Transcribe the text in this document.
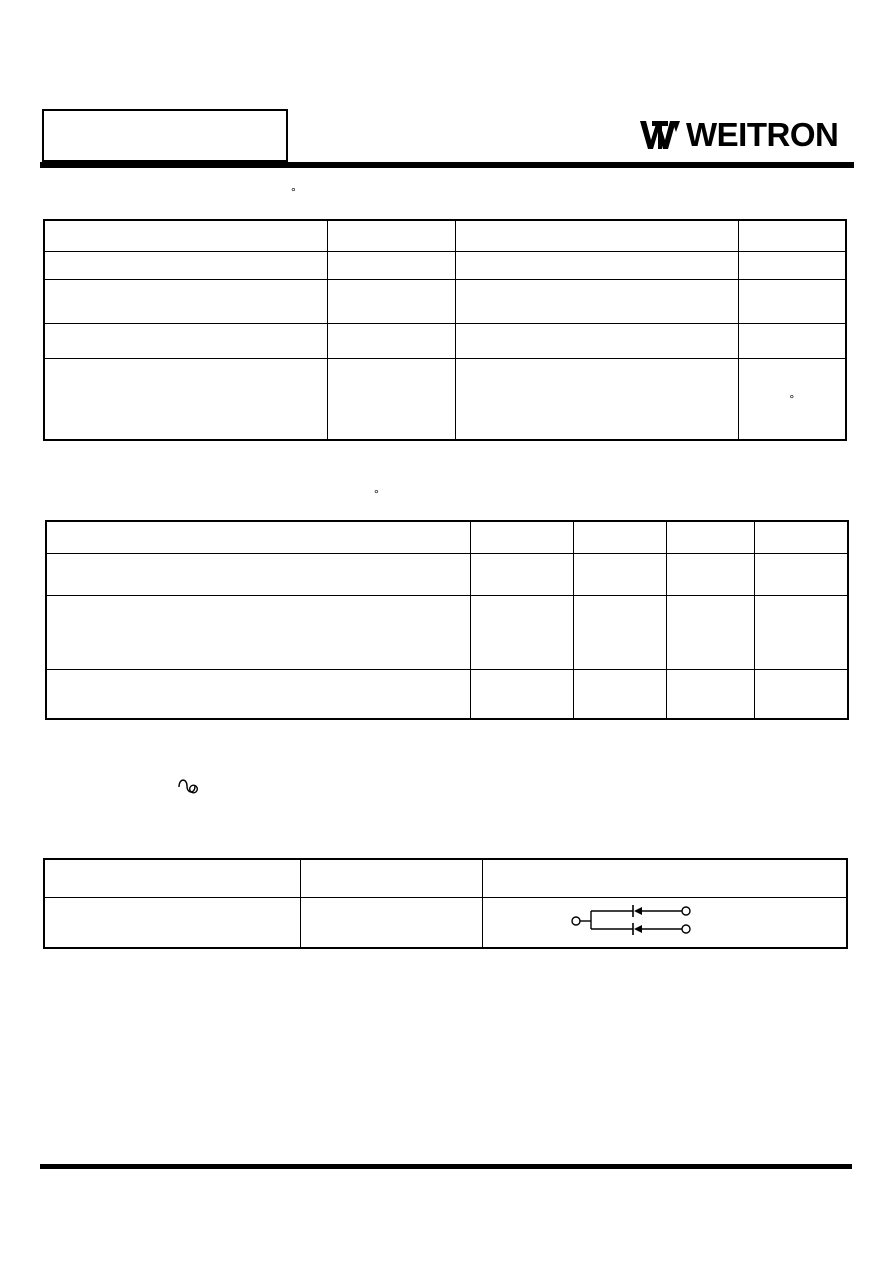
WEITRON
°

			°
°
